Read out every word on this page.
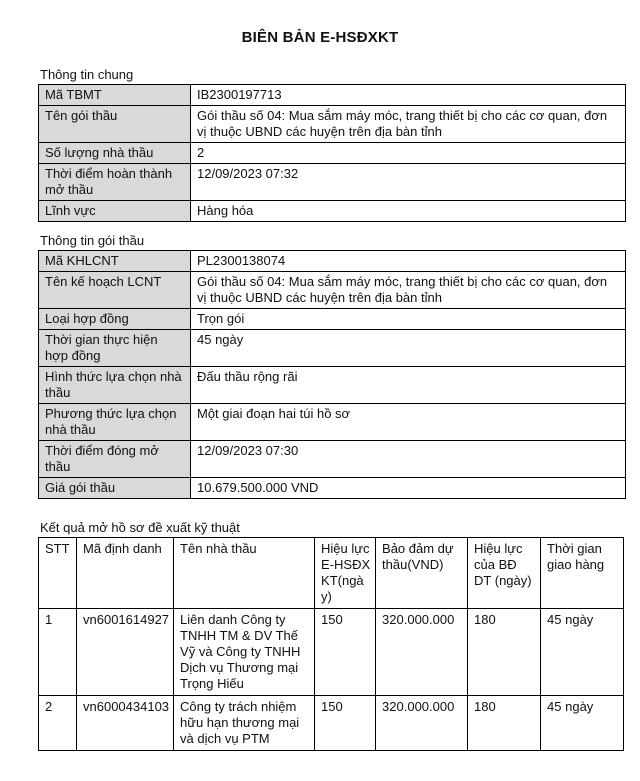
BIÊN BẢN E-HSĐXKT
Thông tin chung
Mã TBMT	IB2300197713
Tên gói thầu	Gói thầu số 04: Mua sắm máy móc, trang thiết bị cho các cơ quan, đơn vị thuộc UBND các huyện trên địa bàn tỉnh
Số lượng nhà thầu	2
Thời điểm hoàn thành mở thầu	12/09/2023 07:32
Lĩnh vực	Hàng hóa
Thông tin gói thầu
Mã KHLCNT	PL2300138074
Tên kế hoạch LCNT	Gói thầu số 04: Mua sắm máy móc, trang thiết bị cho các cơ quan, đơn vị thuộc UBND các huyện trên địa bàn tỉnh
Loại hợp đồng	Trọn gói
Thời gian thực hiện hợp đồng	45 ngày
Hình thức lựa chọn nhà thầu	Đấu thầu rộng rãi
Phương thức lựa chọn nhà thầu	Một giai đoạn hai túi hồ sơ
Thời điểm đóng mở thầu	12/09/2023 07:30
Giá gói thầu	10.679.500.000 VND
Kết quả mở hồ sơ đề xuất kỹ thuật
STT	Mã định danh	Tên nhà thầu	Hiệu lực E-HSĐXKT(ngày)	Bảo đảm dự thầu(VND)	Hiệu lực của BĐ DT (ngày)	Thời gian giao hàng
1	vn6001614927	Liên danh Công ty TNHH TM & DV Thế Vỹ và Công ty TNHH Dịch vụ Thương mại Trọng Hiếu	150	320.000.000	180	45 ngày
2	vn6000434103	Công ty trách nhiệm hữu hạn thương mại và dịch vụ PTM	150	320.000.000	180	45 ngày
